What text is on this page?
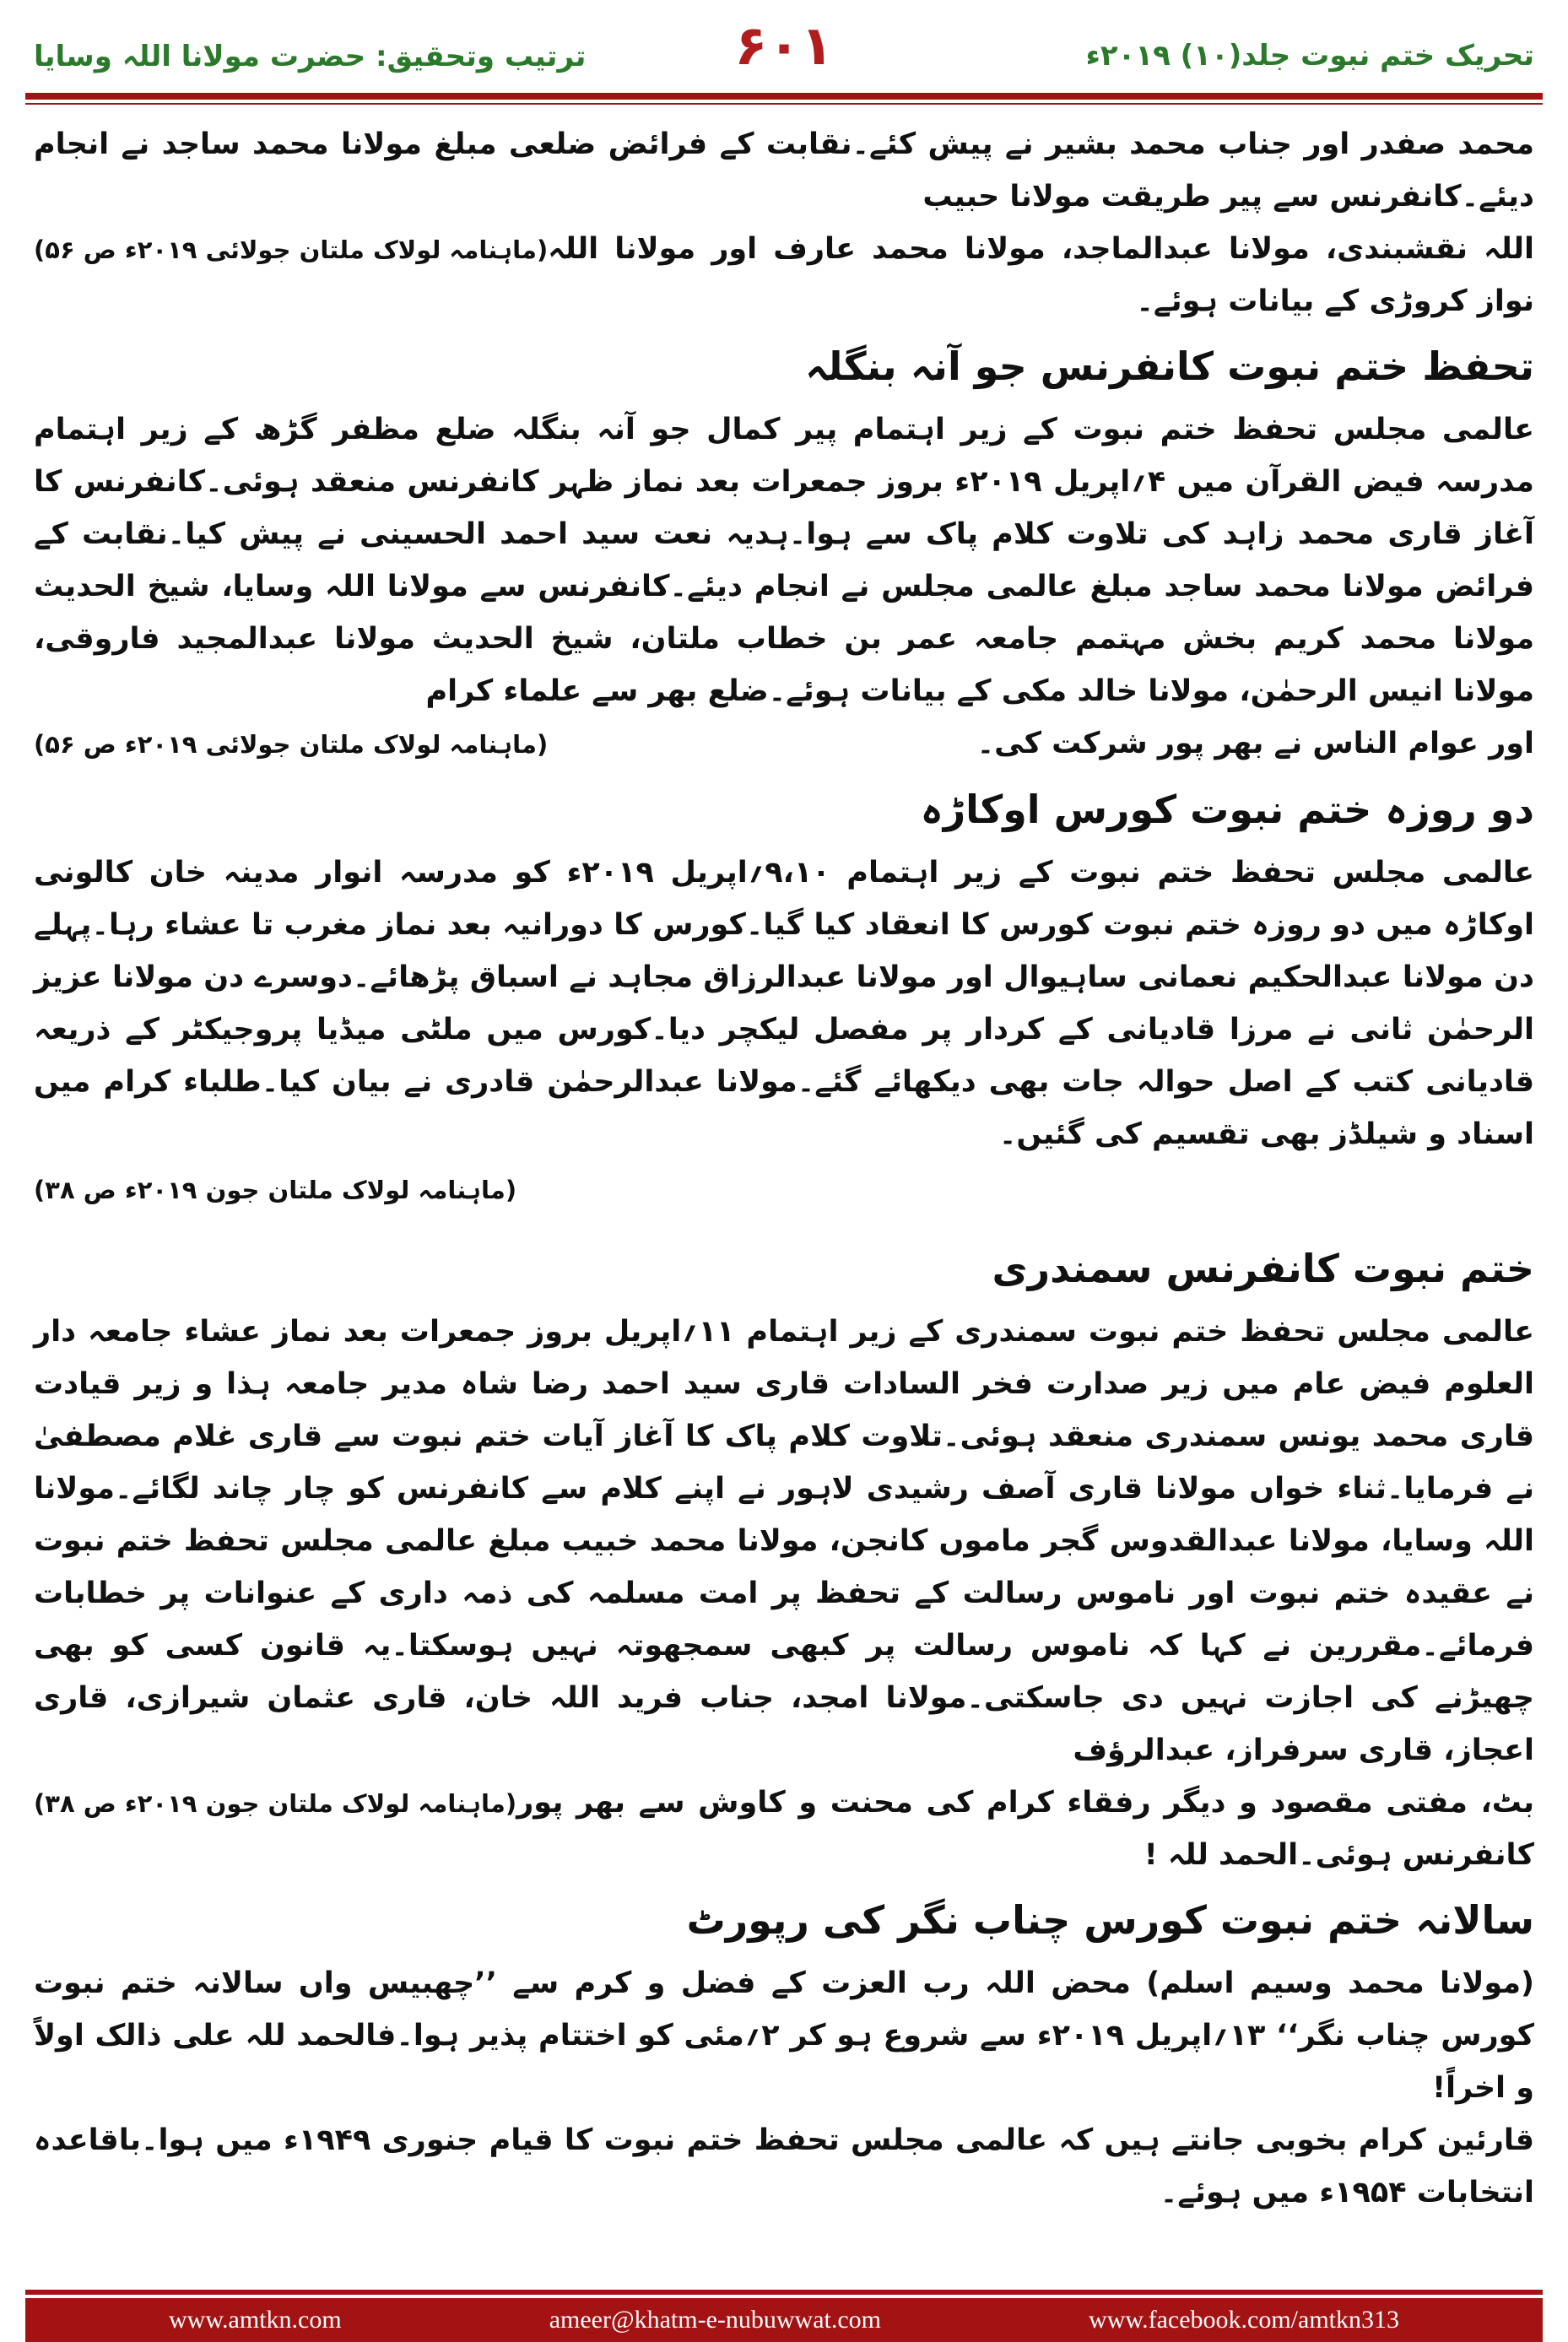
ترتیب وتحقیق: حضرت مولانا اللہ وسایا	۶۰۱	تحریک ختم نبوت جلد(۱۰) ۲۰۱۹ء

محمد صفدر اور جناب محمد بشیر نے پیش کئے۔نقابت کے فرائض ضلعی مبلغ مولانا محمد ساجد نے انجام دیئے۔کانفرنس سے پیر طریقت مولانا حبیب

اللہ نقشبندی، مولانا عبدالماجد، مولانا محمد عارف اور مولانا اللہ نواز کروڑی کے بیانات ہوئے۔
(ماہنامہ لولاک ملتان جولائی ۲۰۱۹ء ص ۵۶)
تحفظ ختم نبوت کانفرنس جو آنہ بنگلہ

عالمی مجلس تحفظ ختم نبوت کے زیر اہتمام پیر کمال جو آنہ بنگلہ ضلع مظفر گڑھ کے زیر اہتمام مدرسہ فیض القرآن میں ۴؍اپریل ۲۰۱۹ء بروز جمعرات بعد نماز ظہر کانفرنس منعقد ہوئی۔کانفرنس کا آغاز قاری محمد زاہد کی تلاوت کلام پاک سے ہوا۔ہدیہ نعت سید احمد الحسینی نے پیش کیا۔نقابت کے فرائض مولانا محمد ساجد مبلغ عالمی مجلس نے انجام دیئے۔کانفرنس سے مولانا اللہ وسایا، شیخ الحدیث مولانا محمد کریم بخش مہتمم جامعہ عمر بن خطاب ملتان، شیخ الحدیث مولانا عبدالمجید فاروقی، مولانا انیس الرحمٰن، مولانا خالد مکی کے بیانات ہوئے۔ضلع بھر سے علماء کرام

اور عوام الناس نے بھر پور شرکت کی۔
(ماہنامہ لولاک ملتان جولائی ۲۰۱۹ء ص ۵۶)
دو روزہ ختم نبوت کورس اوکاڑہ

عالمی مجلس تحفظ ختم نبوت کے زیر اہتمام ۹،۱۰؍اپریل ۲۰۱۹ء کو مدرسہ انوار مدینہ خان کالونی اوکاڑہ میں دو روزہ ختم نبوت کورس کا انعقاد کیا گیا۔کورس کا دورانیہ بعد نماز مغرب تا عشاء رہا۔پہلے دن مولانا عبدالحکیم نعمانی ساہیوال اور مولانا عبدالرزاق مجاہد نے اسباق پڑھائے۔دوسرے دن مولانا عزیز الرحمٰن ثانی نے مرزا قادیانی کے کردار پر مفصل لیکچر دیا۔کورس میں ملٹی میڈیا پروجیکٹر کے ذریعہ قادیانی کتب کے اصل حوالہ جات بھی دیکھائے گئے۔مولانا عبدالرحمٰن قادری نے بیان کیا۔طلباء کرام میں اسناد و شیلڈز بھی تقسیم کی گئیں۔

(ماہنامہ لولاک ملتان جون ۲۰۱۹ء ص ۳۸)
ختم نبوت کانفرنس سمندری

عالمی مجلس تحفظ ختم نبوت سمندری کے زیر اہتمام ۱۱؍اپریل بروز جمعرات بعد نماز عشاء جامعہ دار العلوم فیض عام میں زیر صدارت فخر السادات قاری سید احمد رضا شاہ مدیر جامعہ ہذا و زیر قیادت قاری محمد یونس سمندری منعقد ہوئی۔تلاوت کلام پاک کا آغاز آیات ختم نبوت سے قاری غلام مصطفیٰ نے فرمایا۔ثناء خواں مولانا قاری آصف رشیدی لاہور نے اپنے کلام سے کانفرنس کو چار چاند لگائے۔مولانا اللہ وسایا، مولانا عبدالقدوس گجر ماموں کانجن، مولانا محمد خبیب مبلغ عالمی مجلس تحفظ ختم نبوت نے عقیدہ ختم نبوت اور ناموس رسالت کے تحفظ پر امت مسلمہ کی ذمہ داری کے عنوانات پر خطابات فرمائے۔مقررین نے کہا کہ ناموس رسالت پر کبھی سمجھوتہ نہیں ہوسکتا۔یہ قانون کسی کو بھی چھیڑنے کی اجازت نہیں دی جاسکتی۔مولانا امجد، جناب فرید اللہ خان، قاری عثمان شیرازی، قاری اعجاز، قاری سرفراز، عبدالرؤف

بٹ، مفتی مقصود و دیگر رفقاء کرام کی محنت و کاوش سے بھر پور کانفرنس ہوئی۔الحمد للہ !
(ماہنامہ لولاک ملتان جون ۲۰۱۹ء ص ۳۸)
سالانہ ختم نبوت کورس چناب نگر کی رپورٹ

(مولانا محمد وسیم اسلم) محض اللہ رب العزت کے فضل و کرم سے ’’چھبیس واں سالانہ ختم نبوت کورس چناب نگر‘‘ ۱۳؍اپریل ۲۰۱۹ء سے شروع ہو کر ۲؍مئی کو اختتام پذیر ہوا۔فالحمد للہ علی ذالک اولاً و اخراً!

قارئین کرام بخوبی جانتے ہیں کہ عالمی مجلس تحفظ ختم نبوت کا قیام جنوری ۱۹۴۹ء میں ہوا۔باقاعدہ انتخابات ۱۹۵۴ء میں ہوئے۔

www.amtkn.com	ameer@khatm-e-nubuwwat.com	www.facebook.com/amtkn313
